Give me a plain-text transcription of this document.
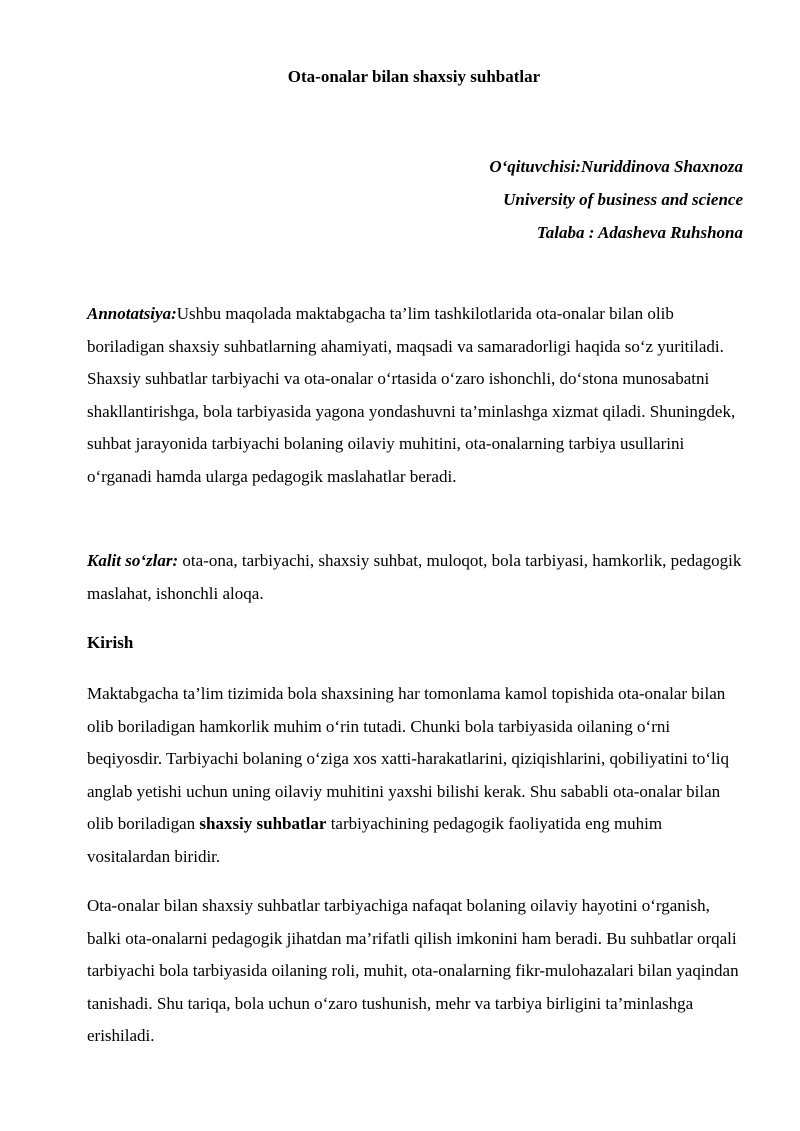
Ota-onalar bilan shaxsiy suhbatlar
O‘qituvchisi:Nuriddinova Shaxnoza
University of business and science
Talaba : Adasheva Ruhshona

Annotatsiya:Ushbu maqolada maktabgacha ta’lim tashkilotlarida ota-onalar bilan olib boriladigan shaxsiy suhbatlarning ahamiyati, maqsadi va samaradorligi haqida so‘z yuritiladi. Shaxsiy suhbatlar tarbiyachi va ota-onalar o‘rtasida o‘zaro ishonchli, do‘stona munosabatni shakllantirishga, bola tarbiyasida yagona yondashuvni ta’minlashga xizmat qiladi. Shuningdek, suhbat jarayonida tarbiyachi bolaning oilaviy muhitini, ota-onalarning tarbiya usullarini o‘rganadi hamda ularga pedagogik maslahatlar beradi.

Kalit so‘zlar: ota-ona, tarbiyachi, shaxsiy suhbat, muloqot, bola tarbiyasi, hamkorlik, pedagogik maslahat, ishonchli aloqa.

Kirish

Maktabgacha ta’lim tizimida bola shaxsining har tomonlama kamol topishida ota-onalar bilan olib boriladigan hamkorlik muhim o‘rin tutadi. Chunki bola tarbiyasida oilaning o‘rni beqiyosdir. Tarbiyachi bolaning o‘ziga xos xatti-harakatlarini, qiziqishlarini, qobiliyatini to‘liq anglab yetishi uchun uning oilaviy muhitini yaxshi bilishi kerak. Shu sababli ota-onalar bilan olib boriladigan shaxsiy suhbatlar tarbiyachining pedagogik faoliyatida eng muhim vositalardan biridir.

Ota-onalar bilan shaxsiy suhbatlar tarbiyachiga nafaqat bolaning oilaviy hayotini o‘rganish, balki ota-onalarni pedagogik jihatdan ma’rifatli qilish imkonini ham beradi. Bu suhbatlar orqali tarbiyachi bola tarbiyasida oilaning roli, muhit, ota-onalarning fikr-mulohazalari bilan yaqindan tanishadi. Shu tariqa, bola uchun o‘zaro tushunish, mehr va tarbiya birligini ta’minlashga erishiladi.
